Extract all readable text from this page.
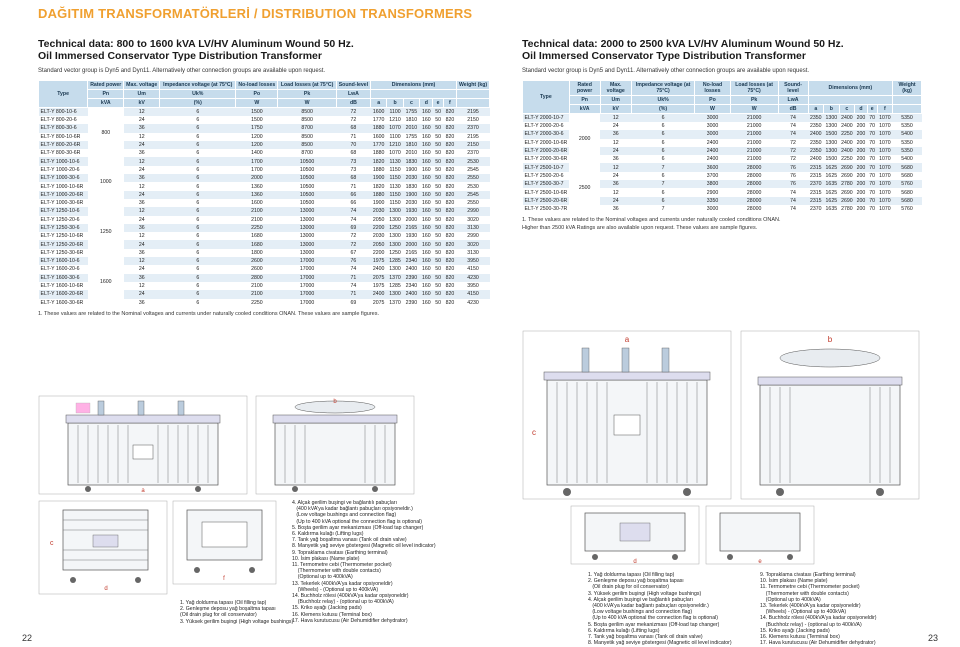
DAĞITIM TRANSFORMATÖRLERİ / DISTRIBUTION TRANSFORMERS
Technical data: 800 to 1600 kVA LV/HV Aluminum Wound 50 Hz.
Oil Immersed Conservator Type Distribution Transformer
Standard vector group is Dyn5 and Dyn11. Alternatively other connection groups are available upon request.
Type	Rated power	Max. voltage	Impedance voltage (at 75°C)	No-load losses	Load losses (at 75°C)	Sound-level	Dimensions (mm)						Weight (kg)
	Pn	Um	Uk%	Po	Pk	LwA							
	kVA	kV	(%)	W	W	dB	a	b	c	d	e	f	
ELT-Y 800-10-6	800	12	6	1500	8500	72	1600	1100	1755	160	50	820	2195
ELT-Y 800-20-6		24	6	1500	8500	72	1770	1210	1810	160	50	820	2150
ELT-Y 800-30-6		36	6	1750	8700	68	1880	1070	2010	160	50	820	2370
ELT-Y 800-10-6R		12	6	1200	8500	71	1600	1100	1755	160	50	820	2195
ELT-Y 800-20-6R		24	6	1200	8500	70	1770	1210	1810	160	50	820	2150
ELT-Y 800-30-6R		36	6	1400	8700	68	1880	1070	2010	160	50	820	2370
ELT-Y 1000-10-6	1000	12	6	1700	10500	73	1820	1130	1830	160	50	820	2530
ELT-Y 1000-20-6		24	6	1700	10500	73	1880	1150	1900	160	50	820	2545
ELT-Y 1000-30-6		36	6	2000	10500	68	1900	1150	2030	160	50	820	2550
ELT-Y 1000-10-6R		12	6	1360	10500	71	1820	1130	1830	160	50	820	2530
ELT-Y 1000-20-6R		24	6	1360	10500	66	1880	1150	1900	160	50	820	2545
ELT-Y 1000-30-6R		36	6	1600	10500	66	1900	1150	2030	160	50	820	2550
ELT-Y 1250-10-6	1250	12	6	2100	13000	74	2030	1300	1930	160	50	820	2990
ELT-Y 1250-20-6		24	6	2100	13000	74	2050	1300	2000	160	50	820	3020
ELT-Y 1250-30-6		36	6	2250	13000	69	2200	1250	2165	160	50	820	3130
ELT-Y 1250-10-6R		12	6	1680	13000	72	2030	1300	1930	160	50	820	2990
ELT-Y 1250-20-6R		24	6	1680	13000	72	2050	1300	2000	160	50	820	3020
ELT-Y 1250-30-6R		36	6	1800	13000	67	2200	1250	2165	160	50	820	3130
ELT-Y 1600-10-6	1600	12	6	2600	17000	76	1975	1285	2340	160	50	820	3950
ELT-Y 1600-20-6		24	6	2600	17000	74	2400	1300	2400	160	50	820	4150
ELT-Y 1600-30-6		36	6	2800	17000	71	2075	1370	2390	160	50	820	4230
ELT-Y 1600-10-6R		12	6	2100	17000	74	1975	1285	2340	160	50	820	3950
ELT-Y 1600-20-6R		24	6	2100	17000	71	2400	1300	2400	160	50	820	4150
ELT-Y 1600-30-6R		36	6	2250	17000	69	2075	1370	2390	160	50	820	4230
1. These values are related to the Nominal voltages and currents under naturally cooled conditions ONAN. These values are sample figures.
Technical data: 2000 to 2500 kVA LV/HV Aluminum Wound 50 Hz.
Oil Immersed Conservator Type Distribution Transformer
Standard vector group is Dyn5 and Dyn11. Alternatively other connection groups are available upon request.
Type	Rated power	Max. voltage	Impedance voltage (at 75°C)	No-load losses	Load losses (at 75°C)	Sound-level	Dimensions (mm)						Weight (kg)
	Pn	Um	Uk%	Po	Pk	LwA							
	kVA	kV	(%)	W	W	dB	a	b	c	d	e	f	
ELT-Y 2000-10-7	2000	12	6	3000	21000	74	2350	1300	2400	200	70	1070	5350
ELT-Y 2000-20-6		24	6	3000	21000	74	2350	1300	2400	200	70	1070	5350
ELT-Y 2000-30-6		36	6	3000	21000	74	2400	1500	2250	200	70	1070	5400
ELT-Y 2000-10-6R		12	6	2400	21000	72	2350	1300	2400	200	70	1070	5350
ELT-Y 2000-20-6R		24	6	2400	21000	72	2350	1300	2400	200	70	1070	5350
ELT-Y 2000-30-6R		36	6	2400	21000	72	2400	1500	2250	200	70	1070	5400
ELT-Y 2500-10-7	2500	12	7	3600	28000	76	2315	1625	2690	200	70	1070	5680
ELT-Y 2500-20-6		24	6	3700	28000	76	2315	1625	2690	200	70	1070	5680
ELT-Y 2500-30-7		36	7	3800	28000	76	2370	1635	2780	200	70	1070	5760
ELT-Y 2500-10-6R		12	6	2900	28000	74	2315	1625	2690	200	70	1070	5680
ELT-Y 2500-20-6R		24	6	3350	28000	74	2315	1625	2690	200	70	1070	5680
ELT-Y 2500-30-7R		36	7	3000	28000	74	2370	1635	2780	200	70	1070	5760
1. These values are related to the Nominal voltages and currents under naturally cooled conditions ONAN.
Higher than 2500 kVA Ratings are also available upon request. These values are sample figures.
a
b
c
d
f
1. Yağ doldurma tapası (Oil filling tap)
2. Genleşme deposu yağ boşaltma tapası
(Oil drain plug for oil conservator)
3. Yüksek gerilim buşingi (High voltage bushings)
4. Alçak gerilim buşingi ve bağlantılı pabuçları
(400 kVA'ya kadar bağlantı pabuçları opsiyoneldir.)
(Low voltage bushings and connection flag)
(Up to 400 kVA optional the connection flag is optional)
5. Boşta gerilim ayar mekanizması (Off-load tap changer)
6. Kaldırma kulağı (Lifting lugs)
7. Tank yağ boşaltma vanası (Tank oil drain valve)
8. Manyetik yağ seviye göstergesi (Magnetic oil level indicator)
9. Topraklama civatası (Earthing terminal)
10. İsim plakası (Name plate)
11. Termometre cebi (Thermometer pocket)
(Thermometer with double contacts)
(Optional up to 400kVA)
13. Tekerlek (400kVA'ya kadar opsiyoneldir)
(Wheels) - (Optional up to 400kVA)
14. Buchholz rölesi (400kVA'ya kadar opsiyoneldir)
(Buchholz relay) - (optional up to 400kVA)
15. Kriko ayağı (Jacking pads)
16. Klemens kutusu (Terminal box)
17. Hava kurutucusu (Air Dehumidifier dehydrator)
a
c
b
d	e
1. Yağ doldurma tapası (Oil filling tap)
2. Genleşme deposu yağ boşaltma tapası
(Oil drain plug for oil conservator)
3. Yüksek gerilim buşingi (High voltage bushings)
4. Alçak gerilim buşingi ve bağlantılı pabuçları
(400 kVA'ya kadar bağlantı pabuçları opsiyoneldir.)
(Low voltage bushings and connection flag)
(Up to 400 kVA optional the connection flag is optional)
5. Boşta gerilim ayar mekanizması (Off-load tap changer)
6. Kaldırma kulağı (Lifting lugs)
7. Tank yağ boşaltma vanası (Tank oil drain valve)
8. Manyetik yağ seviye göstergesi (Magnetic oil level indicator)
9. Topraklama civatası (Earthing terminal)
10. İsim plakası (Name plate)
11. Termometre cebi (Thermometer pocket)
(Thermometer with double contacts)
(Optional up to 400kVA)
13. Tekerlek (400kVA'ya kadar opsiyoneldir)
(Wheels) - (Optional up to 400kVA)
14. Buchholz rölesi (400kVA'ya kadar opsiyoneldir)
(Buchholz relay) - (optional up to 400kVA)
15. Kriko ayağı (Jacking pads)
16. Klemens kutusu (Terminal box)
17. Hava kurutucusu (Air Dehumidifier dehydrator)
22	23
